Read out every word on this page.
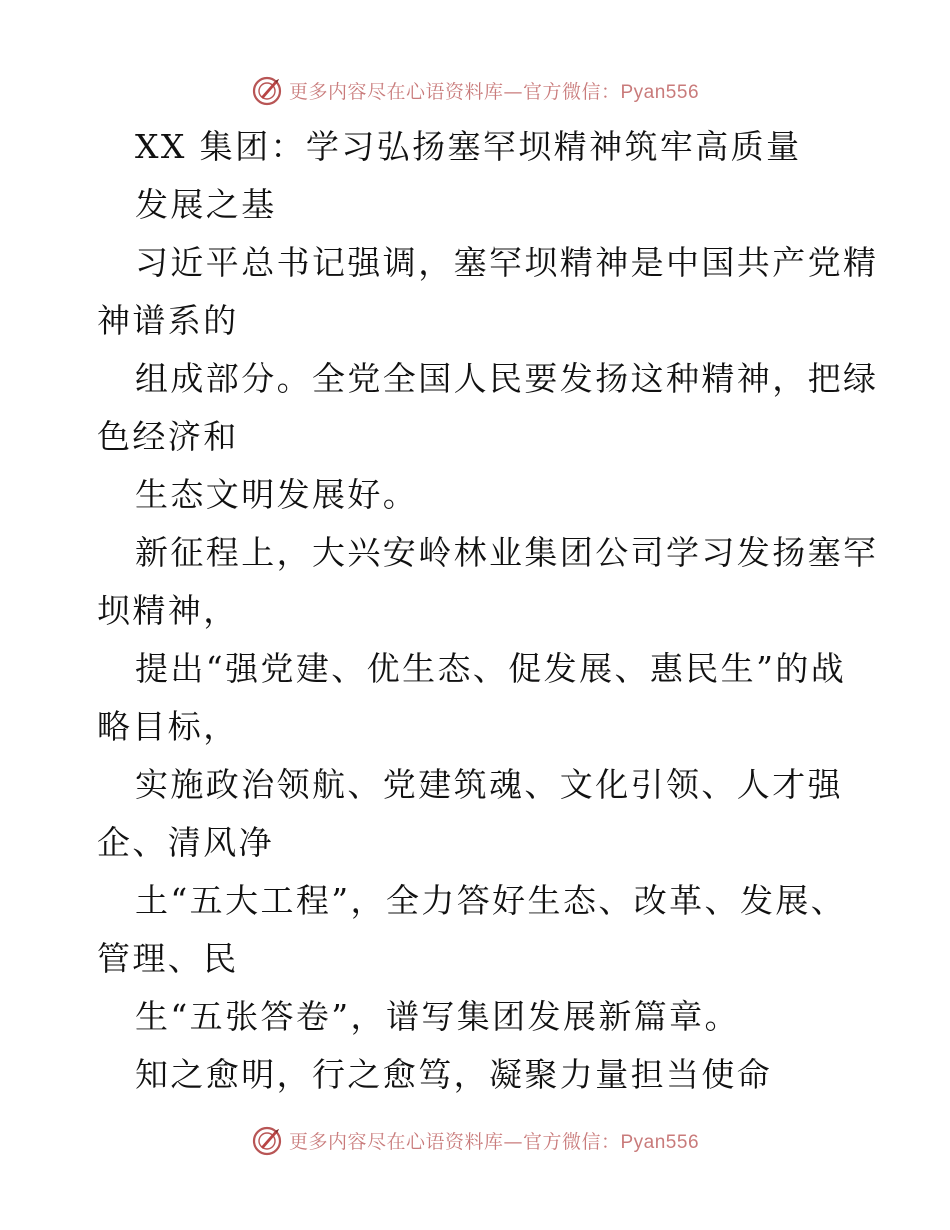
更多内容尽在心语资料库—官方微信：Pyan556
XX 集团：学习弘扬塞罕坝精神筑牢高质量
发展之基
习近平总书记强调，塞罕坝精神是中国共产党精
神谱系的
组成部分。全党全国人民要发扬这种精神，把绿
色经济和
生态文明发展好。
新征程上，大兴安岭林业集团公司学习发扬塞罕
坝精神，
提出“强党建、优生态、促发展、惠民生”的战
略目标，
实施政治领航、党建筑魂、文化引领、人才强
企、清风净
土“五大工程”，全力答好生态、改革、发展、
管理、民
生“五张答卷”，谱写集团发展新篇章。
知之愈明，行之愈笃，凝聚力量担当使命
更多内容尽在心语资料库—官方微信：Pyan556
